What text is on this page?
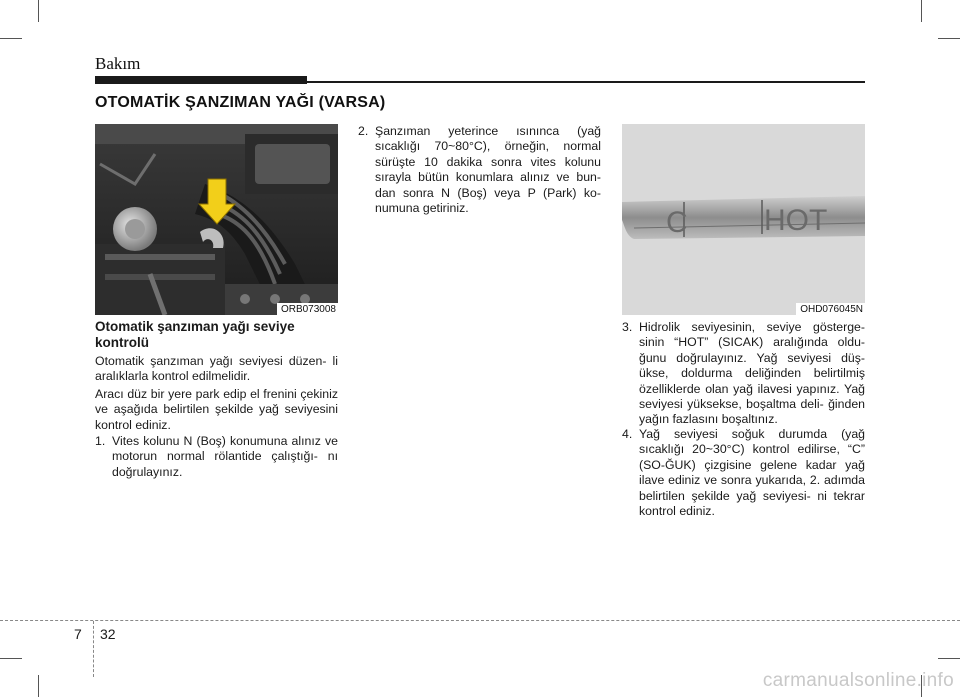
Bakım
OTOMATİK ŞANZIMAN YAĞI (VARSA)
ORB073008
Otomatik şanzıman yağı seviye kontrolü

Otomatik şanzıman yağı seviyesi düzen- li aralıklarla kontrol edilmelidir.

Aracı düz bir yere park edip el frenini çekiniz ve aşağıda belirtilen şekilde yağ seviyesini kontrol ediniz.

1. Vites kolunu N (Boş) konumuna alınız ve motorun normal rölantide çalıştığı- nı doğrulayınız.
2. Şanzıman yeterince ısınınca (yağ sıcaklığı 70~80°C), örneğin, normal sürüşte 10 dakika sonra vites kolunu sırayla bütün konumlara alınız ve bun- dan sonra N (Boş) veya P (Park) ko- numuna getiriniz.	C	HOT
OHD076045N
3. Hidrolik seviyesinin, seviye gösterge- sinin “HOT” (SICAK) aralığında oldu- ğunu doğrulayınız. Yağ seviyesi düş- ükse, doldurma deliğinden belirtilmiş özelliklerde olan yağ ilavesi yapınız. Yağ seviyesi yüksekse, boşaltma deli- ğinden yağın fazlasını boşaltınız.
4. Yağ seviyesi soğuk durumda (yağ sıcaklığı 20~30°C) kontrol edilirse, “C” (SO-ĞUK) çizgisine gelene kadar yağ ilave ediniz ve sonra yukarıda, 2. adımda belirtilen şekilde yağ seviyesi- ni tekrar kontrol ediniz.
7 32
carmanualsonline.info
